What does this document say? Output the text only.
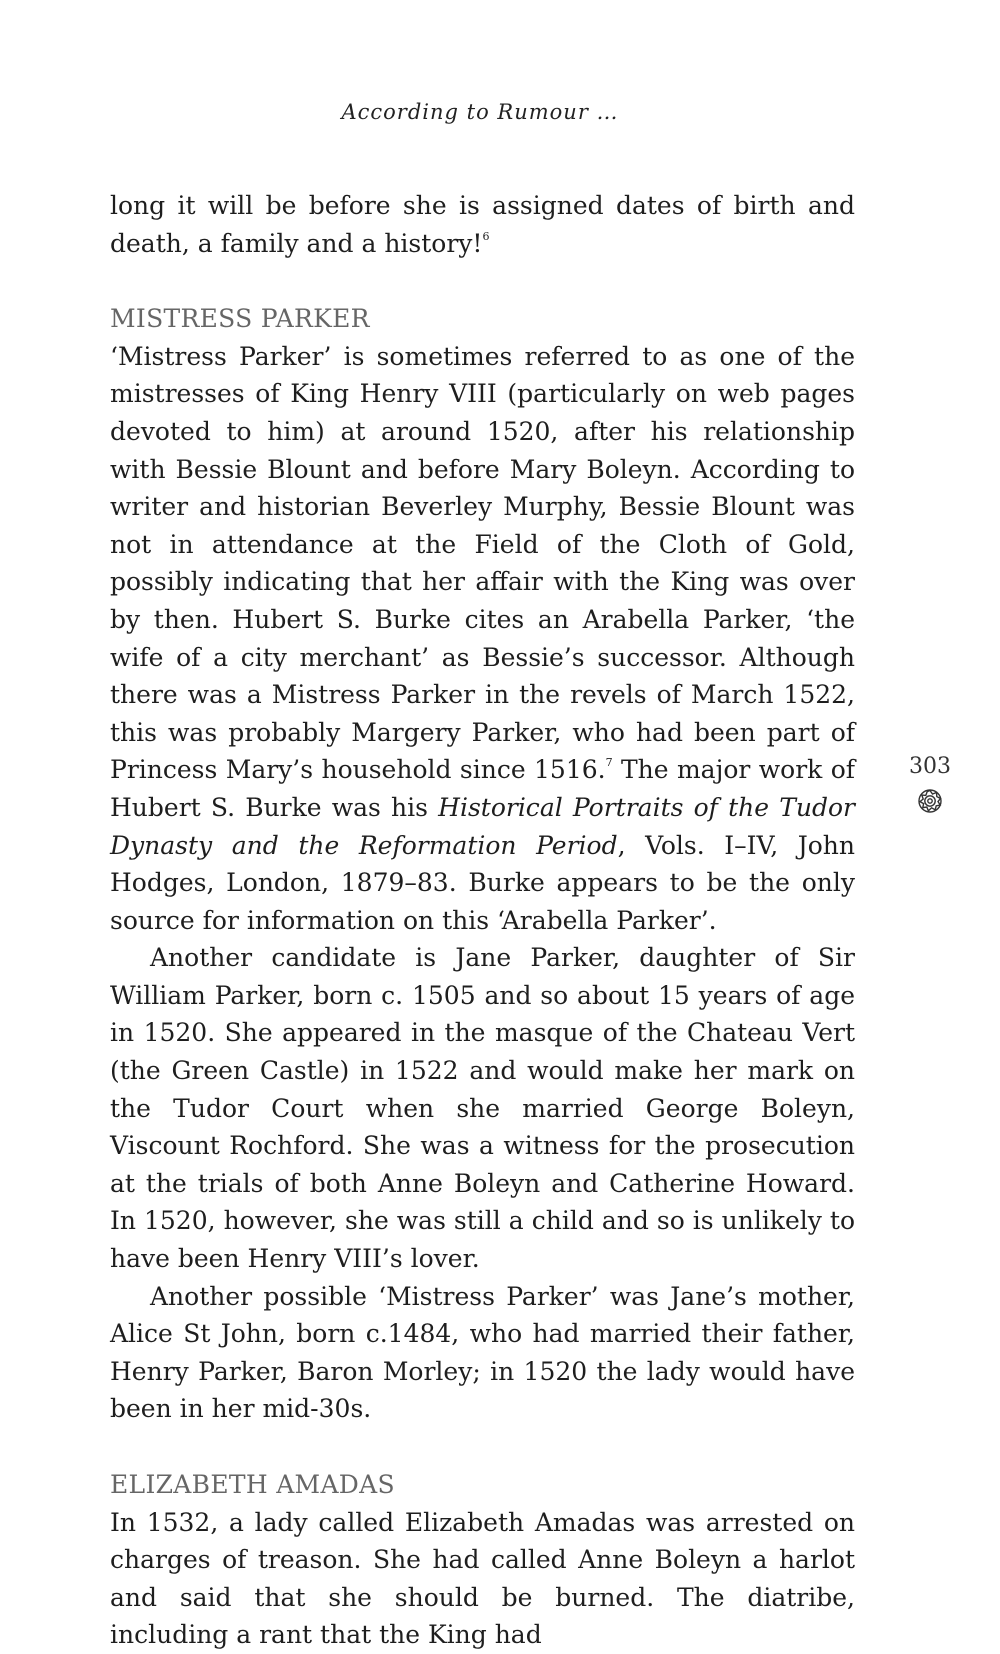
According to Rumour …

long it will be before she is assigned dates of birth and death, a family and a history!$^6$

MISTRESS PARKER

‘Mistress Parker’ is sometimes referred to as one of the mistresses of King Henry VIII (particularly on web pages devoted to him) at around 1520, after his relationship with Bessie Blount and before Mary Boleyn. According to writer and historian Beverley Murphy, Bessie Blount was not in attendance at the Field of the Cloth of Gold, possibly indicating that her affair with the King was over by then. Hubert S. Burke cites an Arabella Parker, ‘the wife of a city merchant’ as Bessie’s successor. Although there was a Mistress Parker in the revels of March 1522, this was probably Margery Parker, who had been part of Princess Mary’s household since 1516.$^7$ The major work of Hubert S. Burke was his Historical Portraits of the Tudor Dynasty and the Reformation Period, Vols. I–IV, John Hodges, London, 1879–83. Burke appears to be the only source for information on this ‘Arabella Parker’.

Another candidate is Jane Parker, daughter of Sir William Parker, born c. 1505 and so about 15 years of age in 1520. She appeared in the masque of the Chateau Vert (the Green Castle) in 1522 and would make her mark on the Tudor Court when she married George Boleyn, Viscount Rochford. She was a witness for the prosecution at the trials of both Anne Boleyn and Catherine Howard. In 1520, however, she was still a child and so is unlikely to have been Henry VIII’s lover.

Another possible ‘Mistress Parker’ was Jane’s mother, Alice St John, born c.1484, who had married their father, Henry Parker, Baron Morley; in 1520 the lady would have been in her mid-30s.

ELIZABETH AMADAS

In 1532, a lady called Elizabeth Amadas was arrested on charges of treason. She had called Anne Boleyn a harlot and said that she should be burned. The diatribe, including a rant that the King had

303
